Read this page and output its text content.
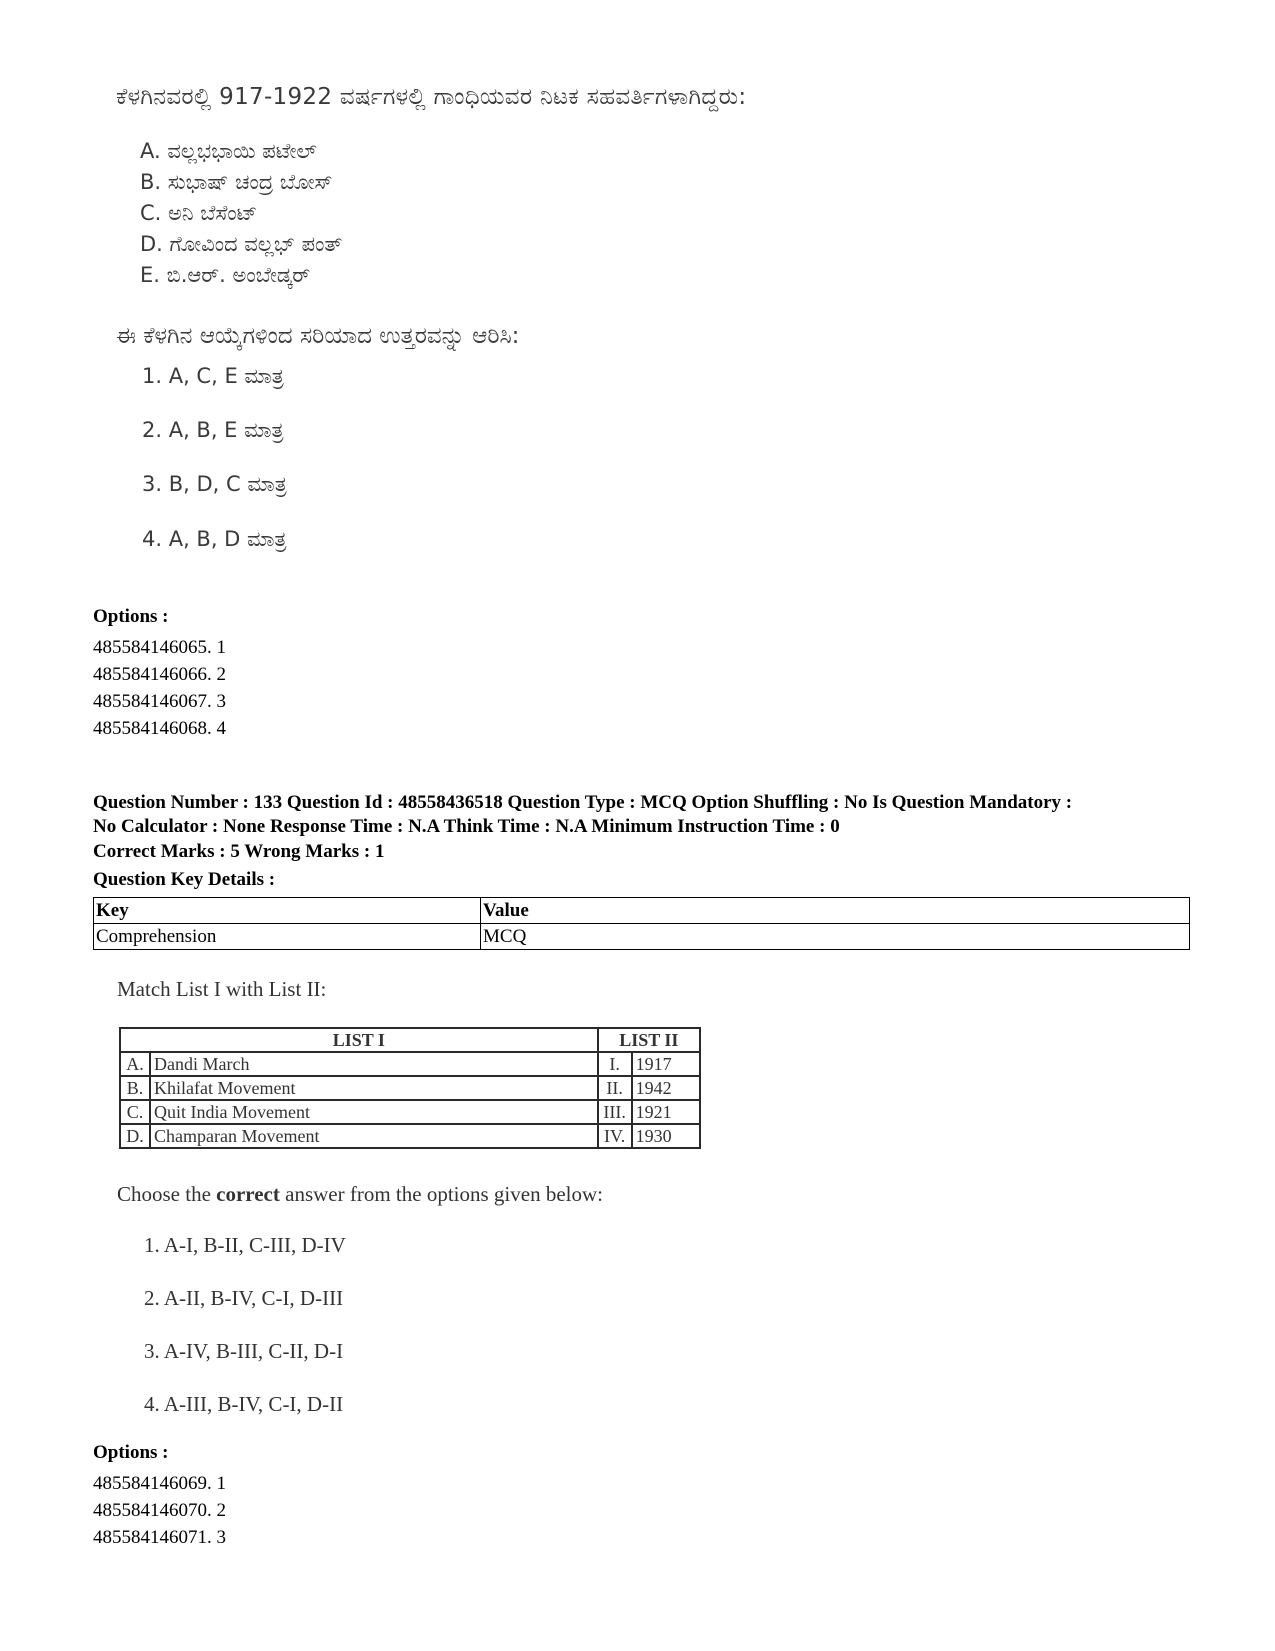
ಕೆಳಗಿನವರಲ್ಲಿ 917-1922 ವರ್ಷಗಳಲ್ಲಿ ಗಾಂಧಿಯವರ ನಿಟಕ ಸಹವರ್ತಿಗಳಾಗಿದ್ದರು:
A. ವಲ್ಲಭಭಾಯಿ ಪಟೇಲ್
B. ಸುಭಾಷ್ ಚಂದ್ರ ಬೋಸ್
C. ಅನಿ ಬೆಸೆಂಟ್
D. ಗೋವಿಂದ ವಲ್ಲಭ್ ಪಂತ್
E. ಬಿ.ಆರ್. ಅಂಬೇಡ್ಕರ್
ಈ ಕೆಳಗಿನ ಆಯ್ಕೆಗಳಿಂದ ಸರಿಯಾದ ಉತ್ತರವನ್ನು ಆರಿಸಿ:
1. A, C, E ಮಾತ್ರ
2. A, B, E ಮಾತ್ರ
3. B, D, C ಮಾತ್ರ
4. A, B, D ಮಾತ್ರ
Options :
485584146065. 1
485584146066. 2
485584146067. 3
485584146068. 4
Question Number : 133 Question Id : 48558436518 Question Type : MCQ Option Shuffling : No Is Question Mandatory :
No Calculator : None Response Time : N.A Think Time : N.A Minimum Instruction Time : 0
Correct Marks : 5 Wrong Marks : 1
Question Key Details :
Key	Value
Comprehension	MCQ
Match List I with List II:
LIST I		LIST II	
A.	Dandi March	I.	1917
B.	Khilafat Movement	II.	1942
C.	Quit India Movement	III.	1921
D.	Champaran Movement	IV.	1930
Choose the correct answer from the options given below:
1. A-I, B-II, C-III, D-IV
2. A-II, B-IV, C-I, D-III
3. A-IV, B-III, C-II, D-I
4. A-III, B-IV, C-I, D-II
Options :
485584146069. 1
485584146070. 2
485584146071. 3
